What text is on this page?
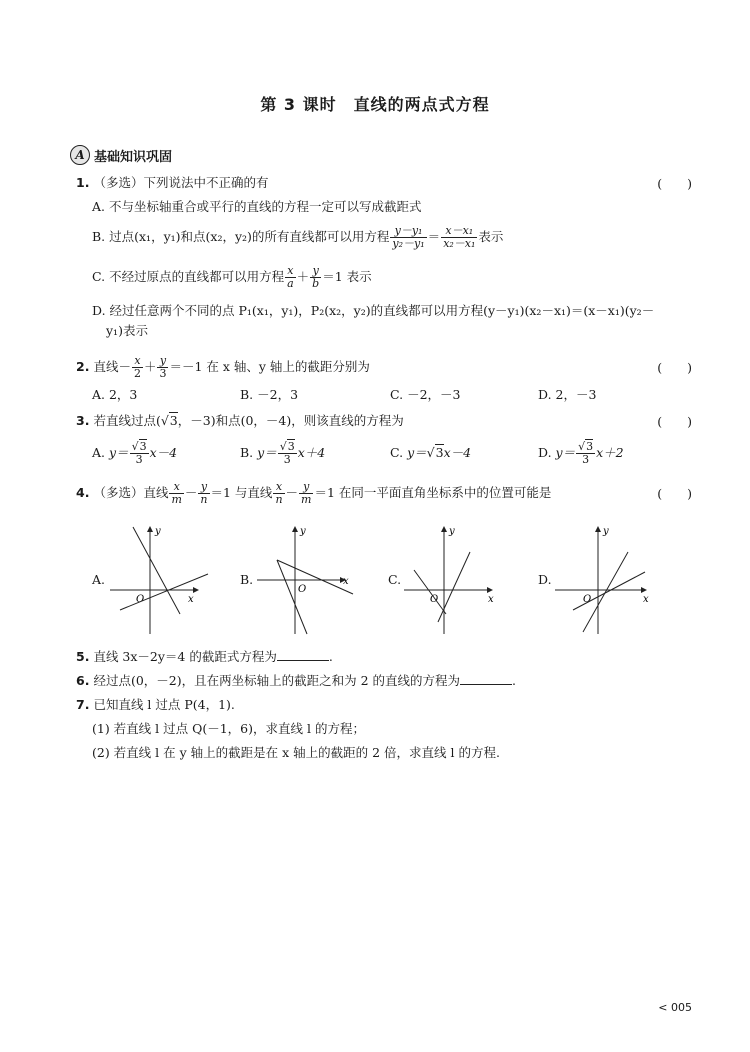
第 3 课时　直线的两点式方程
A 基础知识巩固
1. （多选）下列说法中不正确的有	(　　)
A. 不与坐标轴重合或平行的直线的方程一定可以写成截距式
B. 过点(x₁，y₁)和点(x₂，y₂)的所有直线都可以用方程 $\frac{\text{y－y₁}}{\text{y₂－y₁}} = \frac{\text{x－x₁}}{\text{x₂－x₁}}$ 表示
C. 不经过原点的直线都可以用方程 $\frac{x}{a} + \frac{y}{b} =1$ 表示
D. 经过任意两个不同的点 P₁(x₁，y₁)，P₂(x₂，y₂)的直线都可以用方程(y－y₁)(x₂－x₁)＝(x－x₁)(y₂－
y₁)表示
2. 直线－ $\frac{x}{2} + \frac{y}{3} =-1$ 在 x 轴、y 轴上的截距分别为	(　　)
A. 2，3	B. －2，3	C. －2，－3	D. 2，－3
3. 若直线过点(√3，－3)和点(0，－4)，则该直线的方程为	(　　)
A. $y= \frac{√3}{3} x-4$	B. $y= \frac{√3}{3} x+4$	C. y＝√3x－4	D. $y= \frac{√3}{3} x+2$
4. （多选）直线 $\frac{x}{m} - \frac{y}{n} =1$ 与直线 $\frac{x}{n} - \frac{y}{m} =1$ 在同一平面直角坐标系中的位置可能是	(　　)
A.
x
y
O
B.	x
y
O
C.
x
y
O
D.
x
y
O
5. 直线 3x－2y＝4 的截距式方程为	.
6. 经过点(0，－2)，且在两坐标轴上的截距之和为 2 的直线的方程为	.
7. 已知直线 l 过点 P(4，1).
(1) 若直线 l 过点 Q(－1，6)，求直线 l 的方程；
(2) 若直线 l 在 y 轴上的截距是在 x 轴上的截距的 2 倍，求直线 l 的方程.
< 005
